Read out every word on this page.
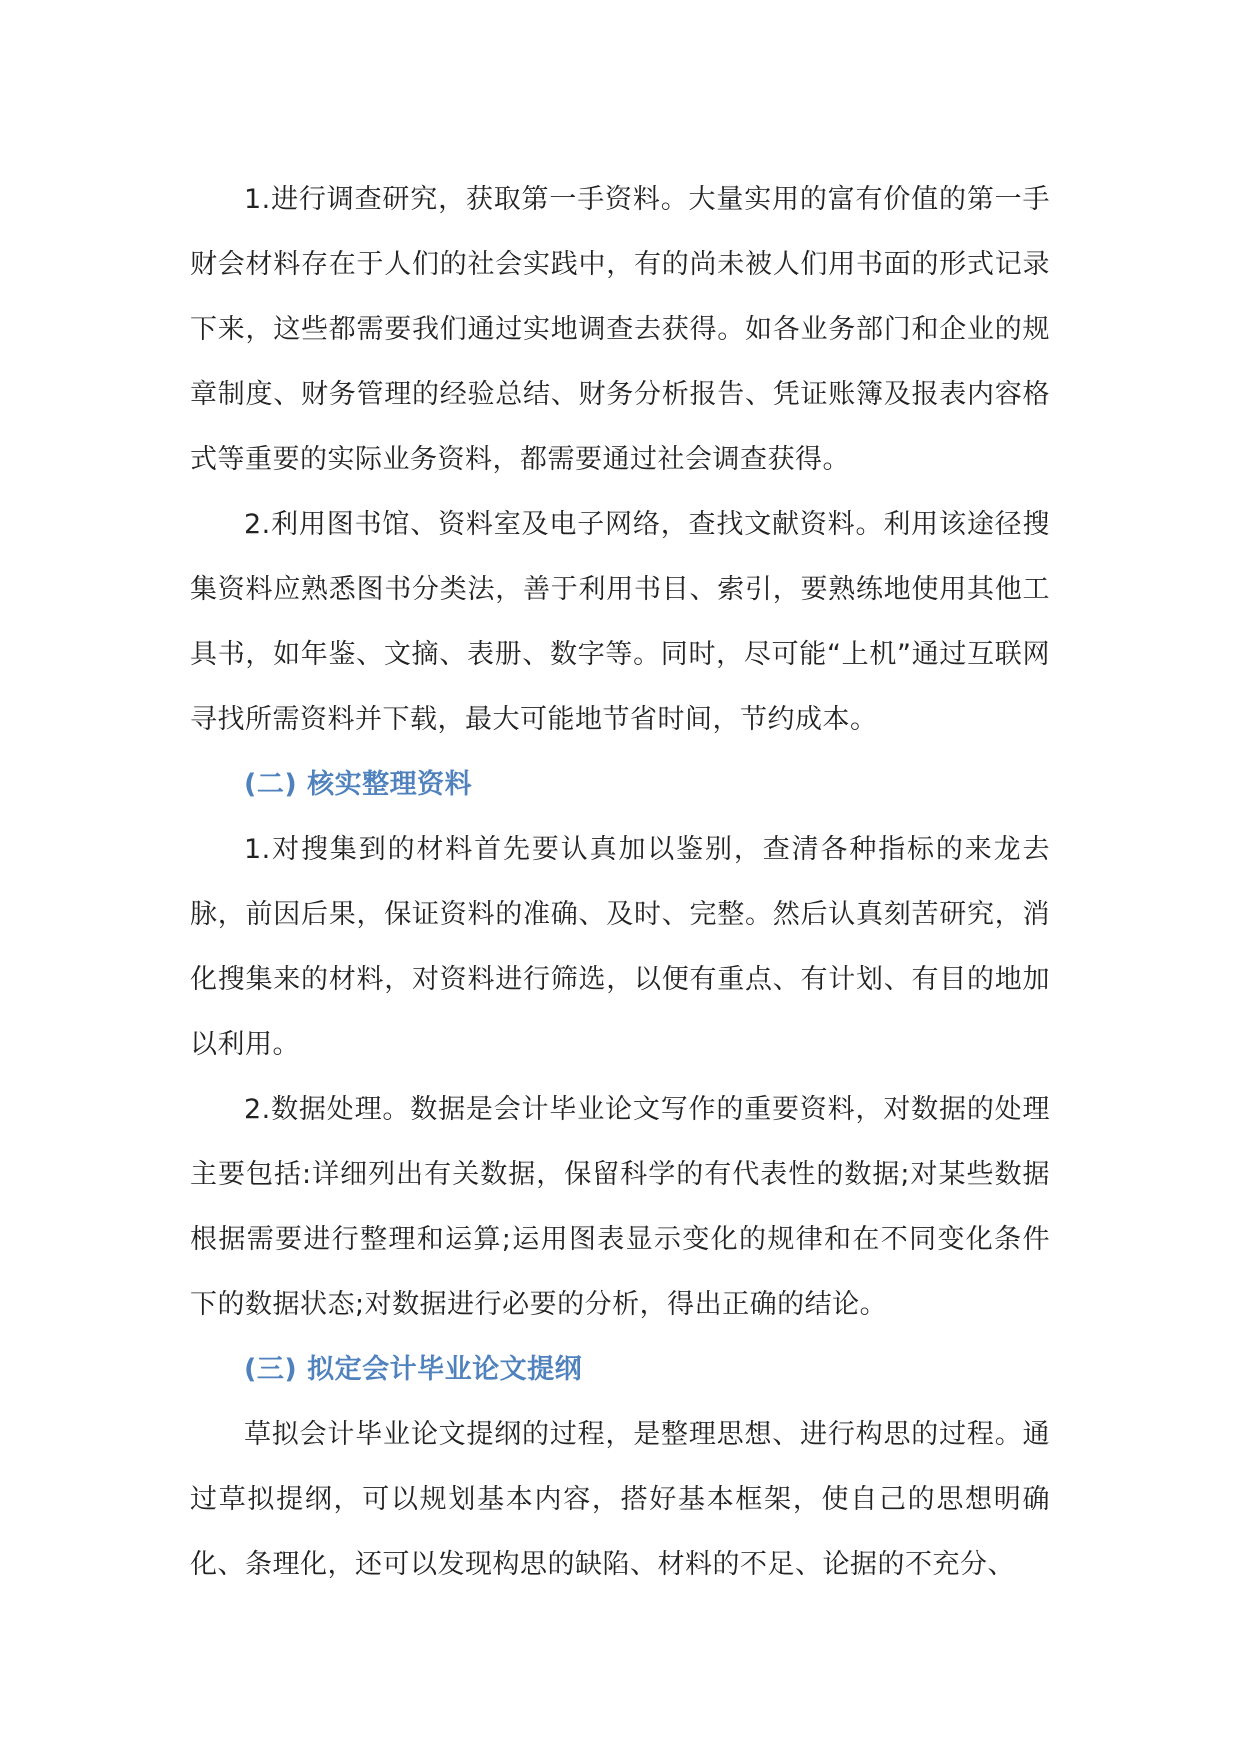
1.进行调查研究，获取第一手资料。大量实用的富有价值的第一手财会材料存在于人们的社会实践中，有的尚未被人们用书面的形式记录下来，这些都需要我们通过实地调查去获得。如各业务部门和企业的规章制度、财务管理的经验总结、财务分析报告、凭证账簿及报表内容格式等重要的实际业务资料，都需要通过社会调查获得。

2.利用图书馆、资料室及电子网络，查找文献资料。利用该途径搜集资料应熟悉图书分类法，善于利用书目、索引，要熟练地使用其他工具书，如年鉴、文摘、表册、数字等。同时，尽可能“上机”通过互联网寻找所需资料并下载，最大可能地节省时间，节约成本。

(二) 核实整理资料

1.对搜集到的材料首先要认真加以鉴别，查清各种指标的来龙去脉，前因后果，保证资料的准确、及时、完整。然后认真刻苦研究，消化搜集来的材料，对资料进行筛选，以便有重点、有计划、有目的地加以利用。

2.数据处理。数据是会计毕业论文写作的重要资料，对数据的处理主要包括:详细列出有关数据，保留科学的有代表性的数据;对某些数据根据需要进行整理和运算;运用图表显示变化的规律和在不同变化条件下的数据状态;对数据进行必要的分析，得出正确的结论。

(三) 拟定会计毕业论文提纲

草拟会计毕业论文提纲的过程，是整理思想、进行构思的过程。通过草拟提纲，可以规划基本内容，搭好基本框架，使自己的思想明确化、条理化，还可以发现构思的缺陷、材料的不足、论据的不充分、
